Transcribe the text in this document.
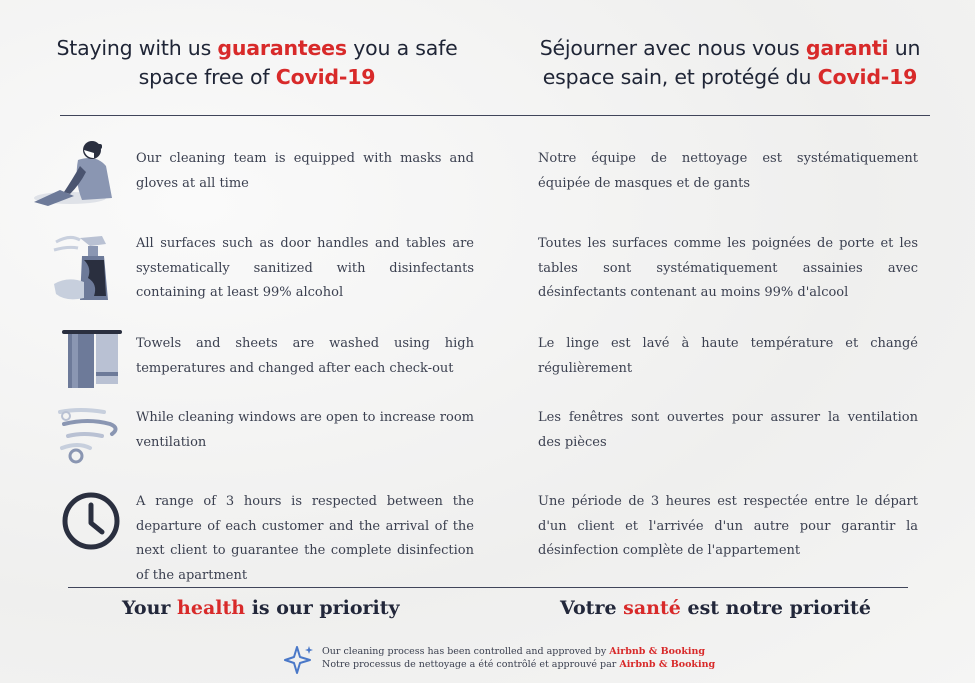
Staying with us guarantees you a safe
space free of Covid-19
Séjourner avec nous vous garanti un
espace sain, et protégé du Covid-19
Our cleaning team is equipped with masks and gloves at all time
Notre équipe de nettoyage est systématiquement équipée de masques et de gants
All surfaces such as door handles and tables are systematically sanitized with disinfectants containing at least 99% alcohol
Toutes les surfaces comme les poignées de porte et les tables sont systématiquement assainies avec désinfectants contenant au moins 99% d'alcool
Towels and sheets are washed using high temperatures and changed after each check-out
Le linge est lavé à haute température et changé régulièrement
While cleaning windows are open to increase room ventilation
Les fenêtres sont ouvertes pour assurer la ventilation des pièces
A range of 3 hours is respected between the departure of each customer and the arrival of the next client to guarantee the complete disinfection of the apartment
Une période de 3 heures est respectée entre le départ d'un client et l'arrivée d'un autre pour garantir la désinfection complète de l'appartement
Your health is our priority	Votre santé est notre priorité
Our cleaning process has been controlled and approved by Airbnb & Booking
Notre processus de nettoyage a été contrôlé et approuvé par Airbnb & Booking
